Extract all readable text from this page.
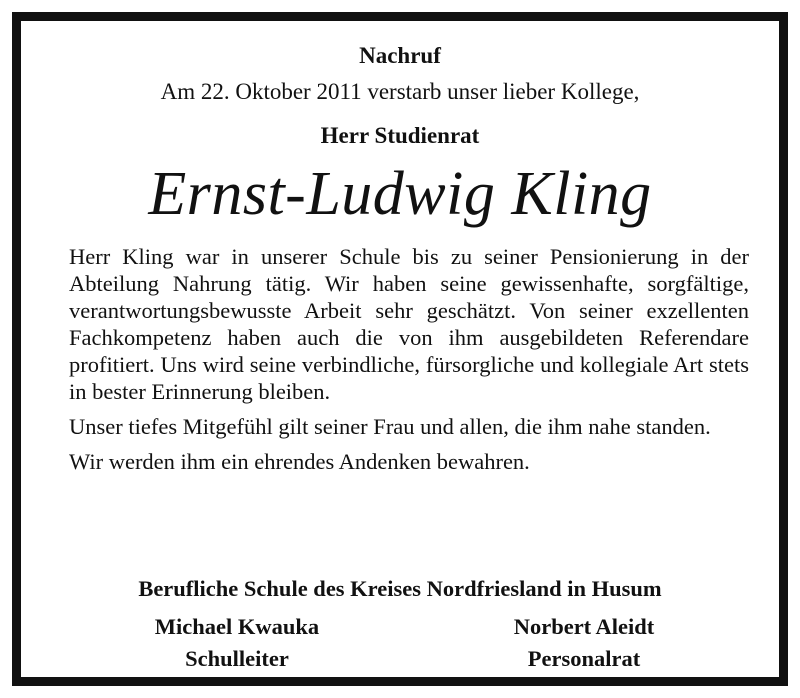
Nachruf
Am 22. Oktober 2011 verstarb unser lieber Kollege,
Herr Studienrat
Ernst-Ludwig Kling

Herr Kling war in unserer Schule bis zu seiner Pensionierung in der Abteilung Nahrung tätig. Wir haben seine gewissenhafte, sorgfältige, verantwortungsbewusste Arbeit sehr geschätzt. Von seiner exzellenten Fachkompetenz haben auch die von ihm ausgebildeten Referendare profitiert. Uns wird seine verbindliche, fürsorgliche und kollegiale Art stets in bester Erinnerung bleiben.

Unser tiefes Mitgefühl gilt seiner Frau und allen, die ihm nahe standen.

Wir werden ihm ein ehrendes Andenken bewahren.

Berufliche Schule des Kreises Nordfriesland in Husum
Michael Kwauka
Schulleiter
Norbert Aleidt
Personalrat
